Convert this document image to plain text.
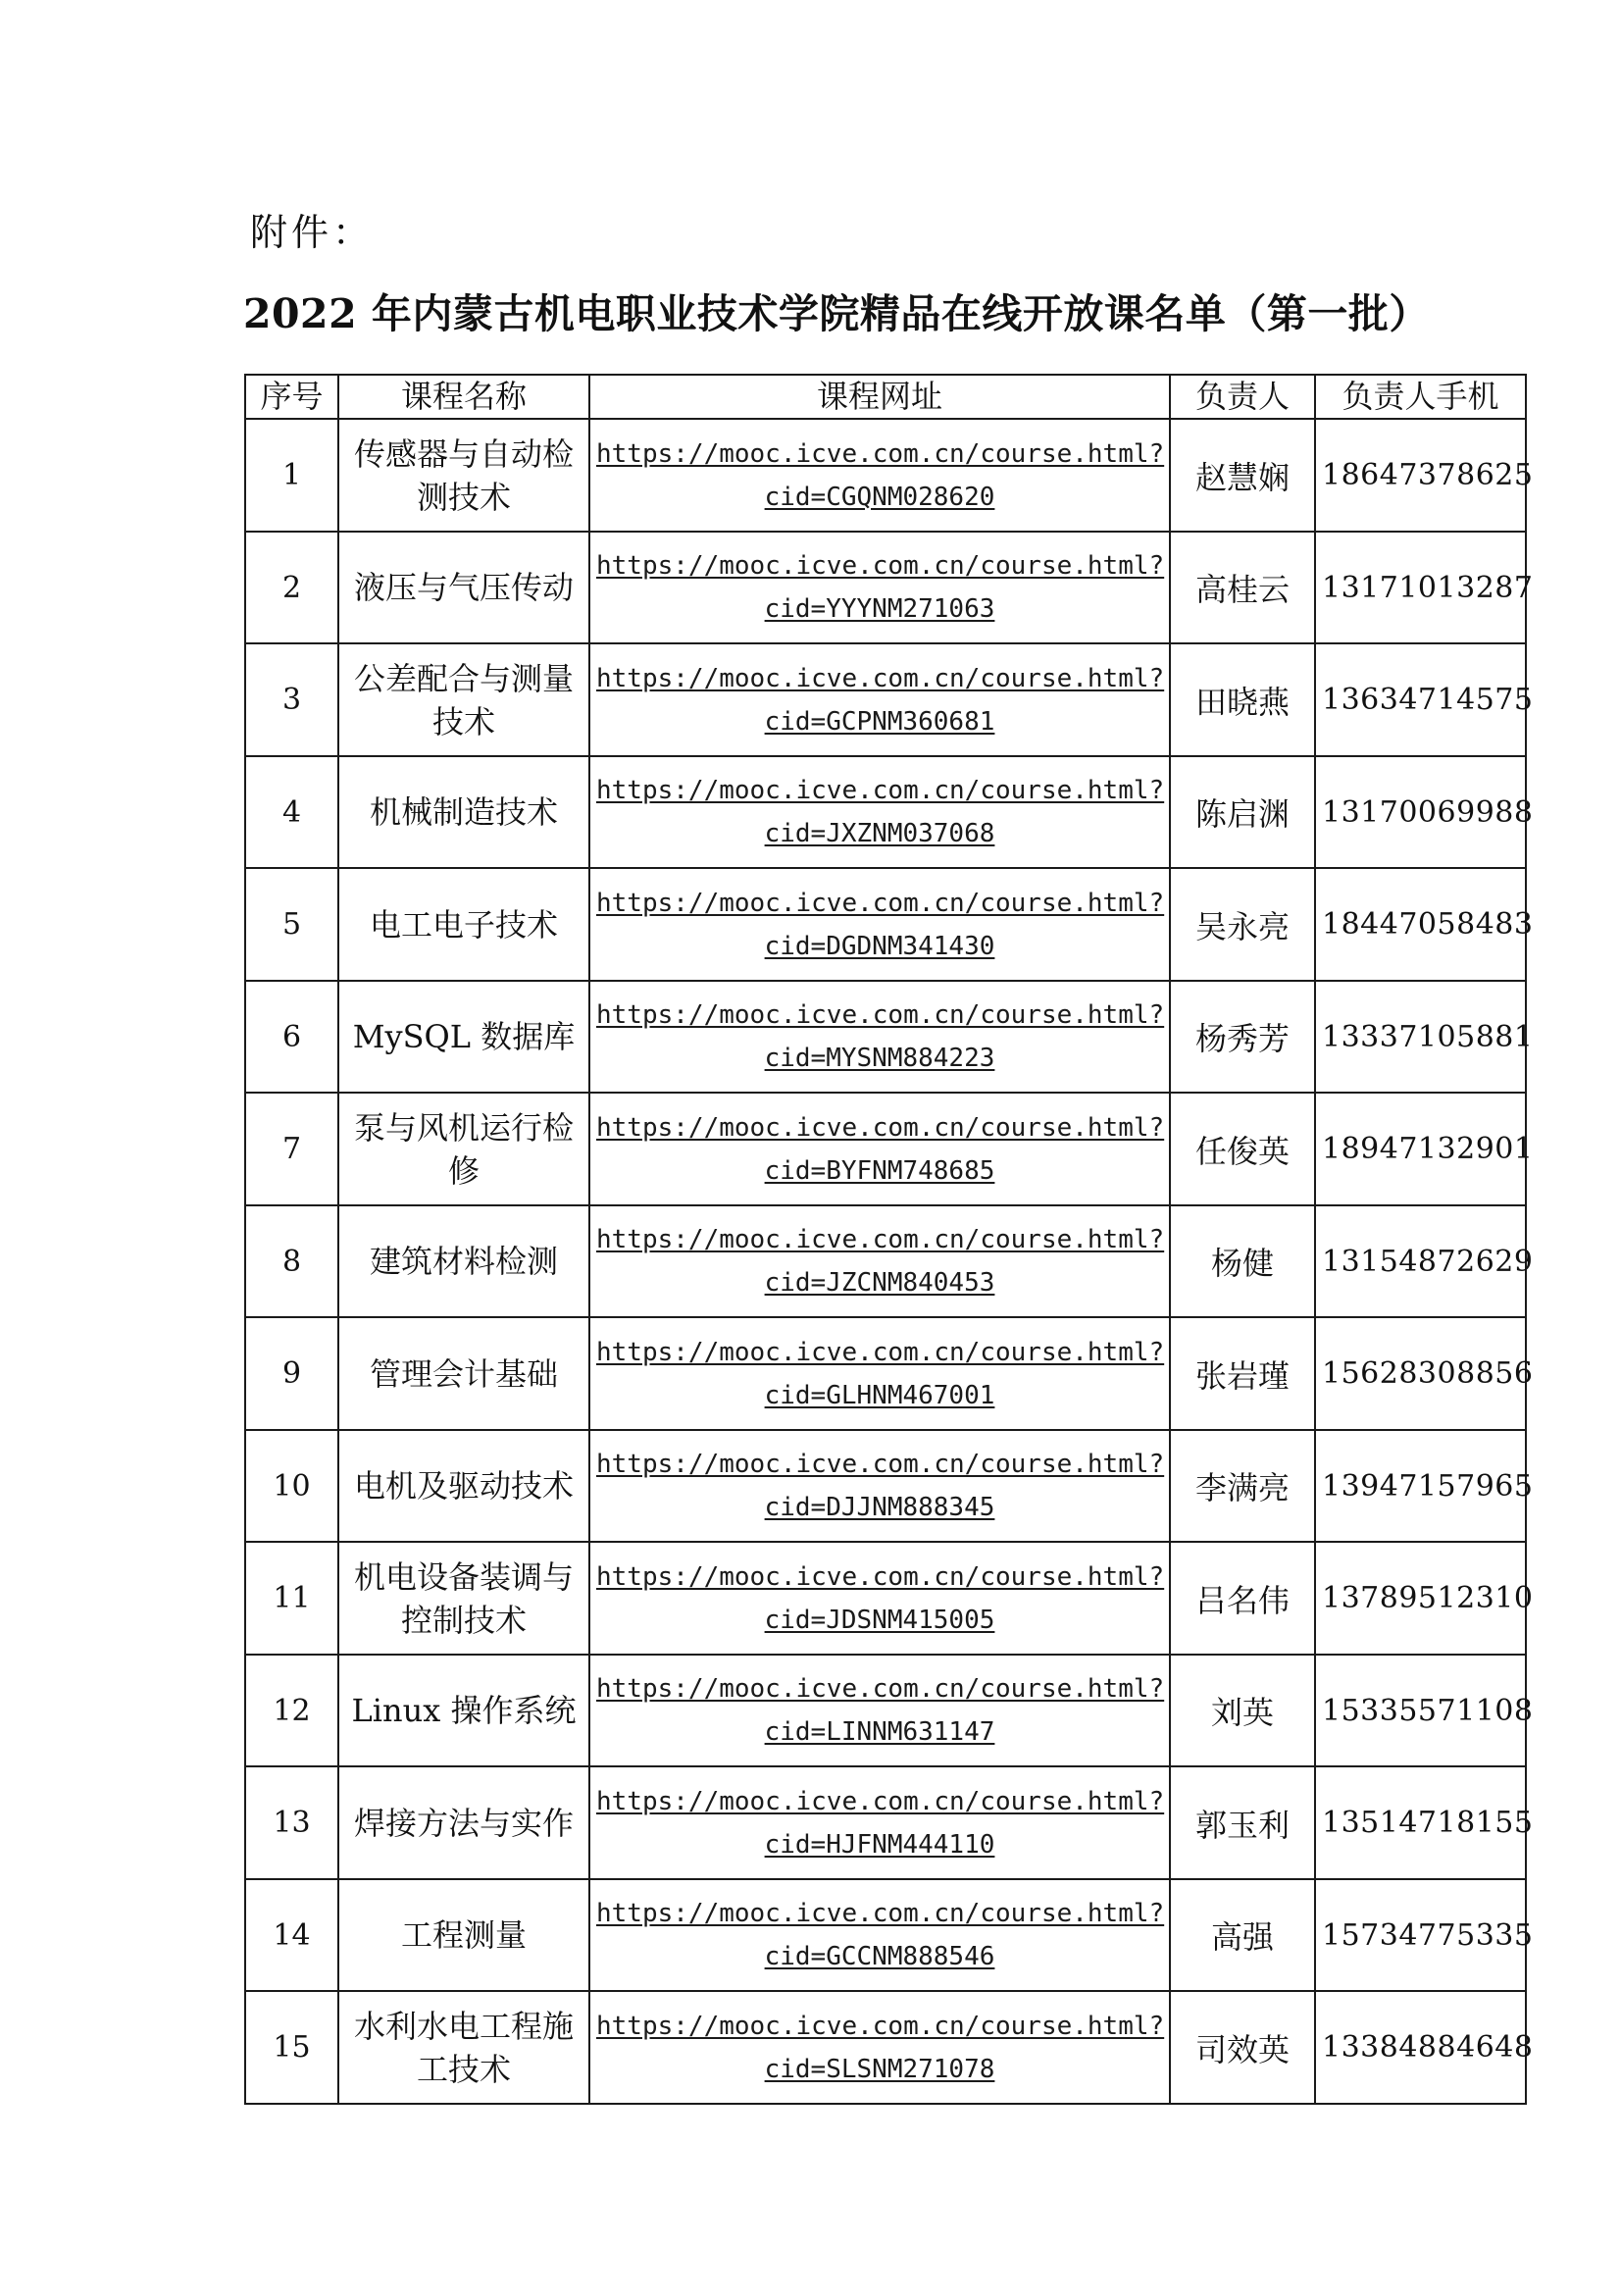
附件：
2022 年内蒙古机电职业技术学院精品在线开放课名单（第一批）
序号	课程名称	课程网址	负责人	负责人手机
1	传感器与自动检测技术	https://mooc.icve.com.cn/course.html?
cid=CGQNM028620	赵慧娴	18647378625
2	液压与气压传动	https://mooc.icve.com.cn/course.html?
cid=YYYNM271063	高桂云	13171013287
3	公差配合与测量技术	https://mooc.icve.com.cn/course.html?
cid=GCPNM360681	田晓燕	13634714575
4	机械制造技术	https://mooc.icve.com.cn/course.html?
cid=JXZNM037068	陈启渊	13170069988
5	电工电子技术	https://mooc.icve.com.cn/course.html?
cid=DGDNM341430	吴永亮	18447058483
6	MySQL 数据库	https://mooc.icve.com.cn/course.html?
cid=MYSNM884223	杨秀芳	13337105881
7	泵与风机运行检修	https://mooc.icve.com.cn/course.html?
cid=BYFNM748685	任俊英	18947132901
8	建筑材料检测	https://mooc.icve.com.cn/course.html?
cid=JZCNM840453	杨健	13154872629
9	管理会计基础	https://mooc.icve.com.cn/course.html?
cid=GLHNM467001	张岩瑾	15628308856
10	电机及驱动技术	https://mooc.icve.com.cn/course.html?
cid=DJJNM888345	李满亮	13947157965
11	机电设备装调与控制技术	https://mooc.icve.com.cn/course.html?
cid=JDSNM415005	吕名伟	13789512310
12	Linux 操作系统	https://mooc.icve.com.cn/course.html?
cid=LINNM631147	刘英	15335571108
13	焊接方法与实作	https://mooc.icve.com.cn/course.html?
cid=HJFNM444110	郭玉利	13514718155
14	工程测量	https://mooc.icve.com.cn/course.html?
cid=GCCNM888546	高强	15734775335
15	水利水电工程施工技术	https://mooc.icve.com.cn/course.html?
cid=SLSNM271078	司效英	13384884648
